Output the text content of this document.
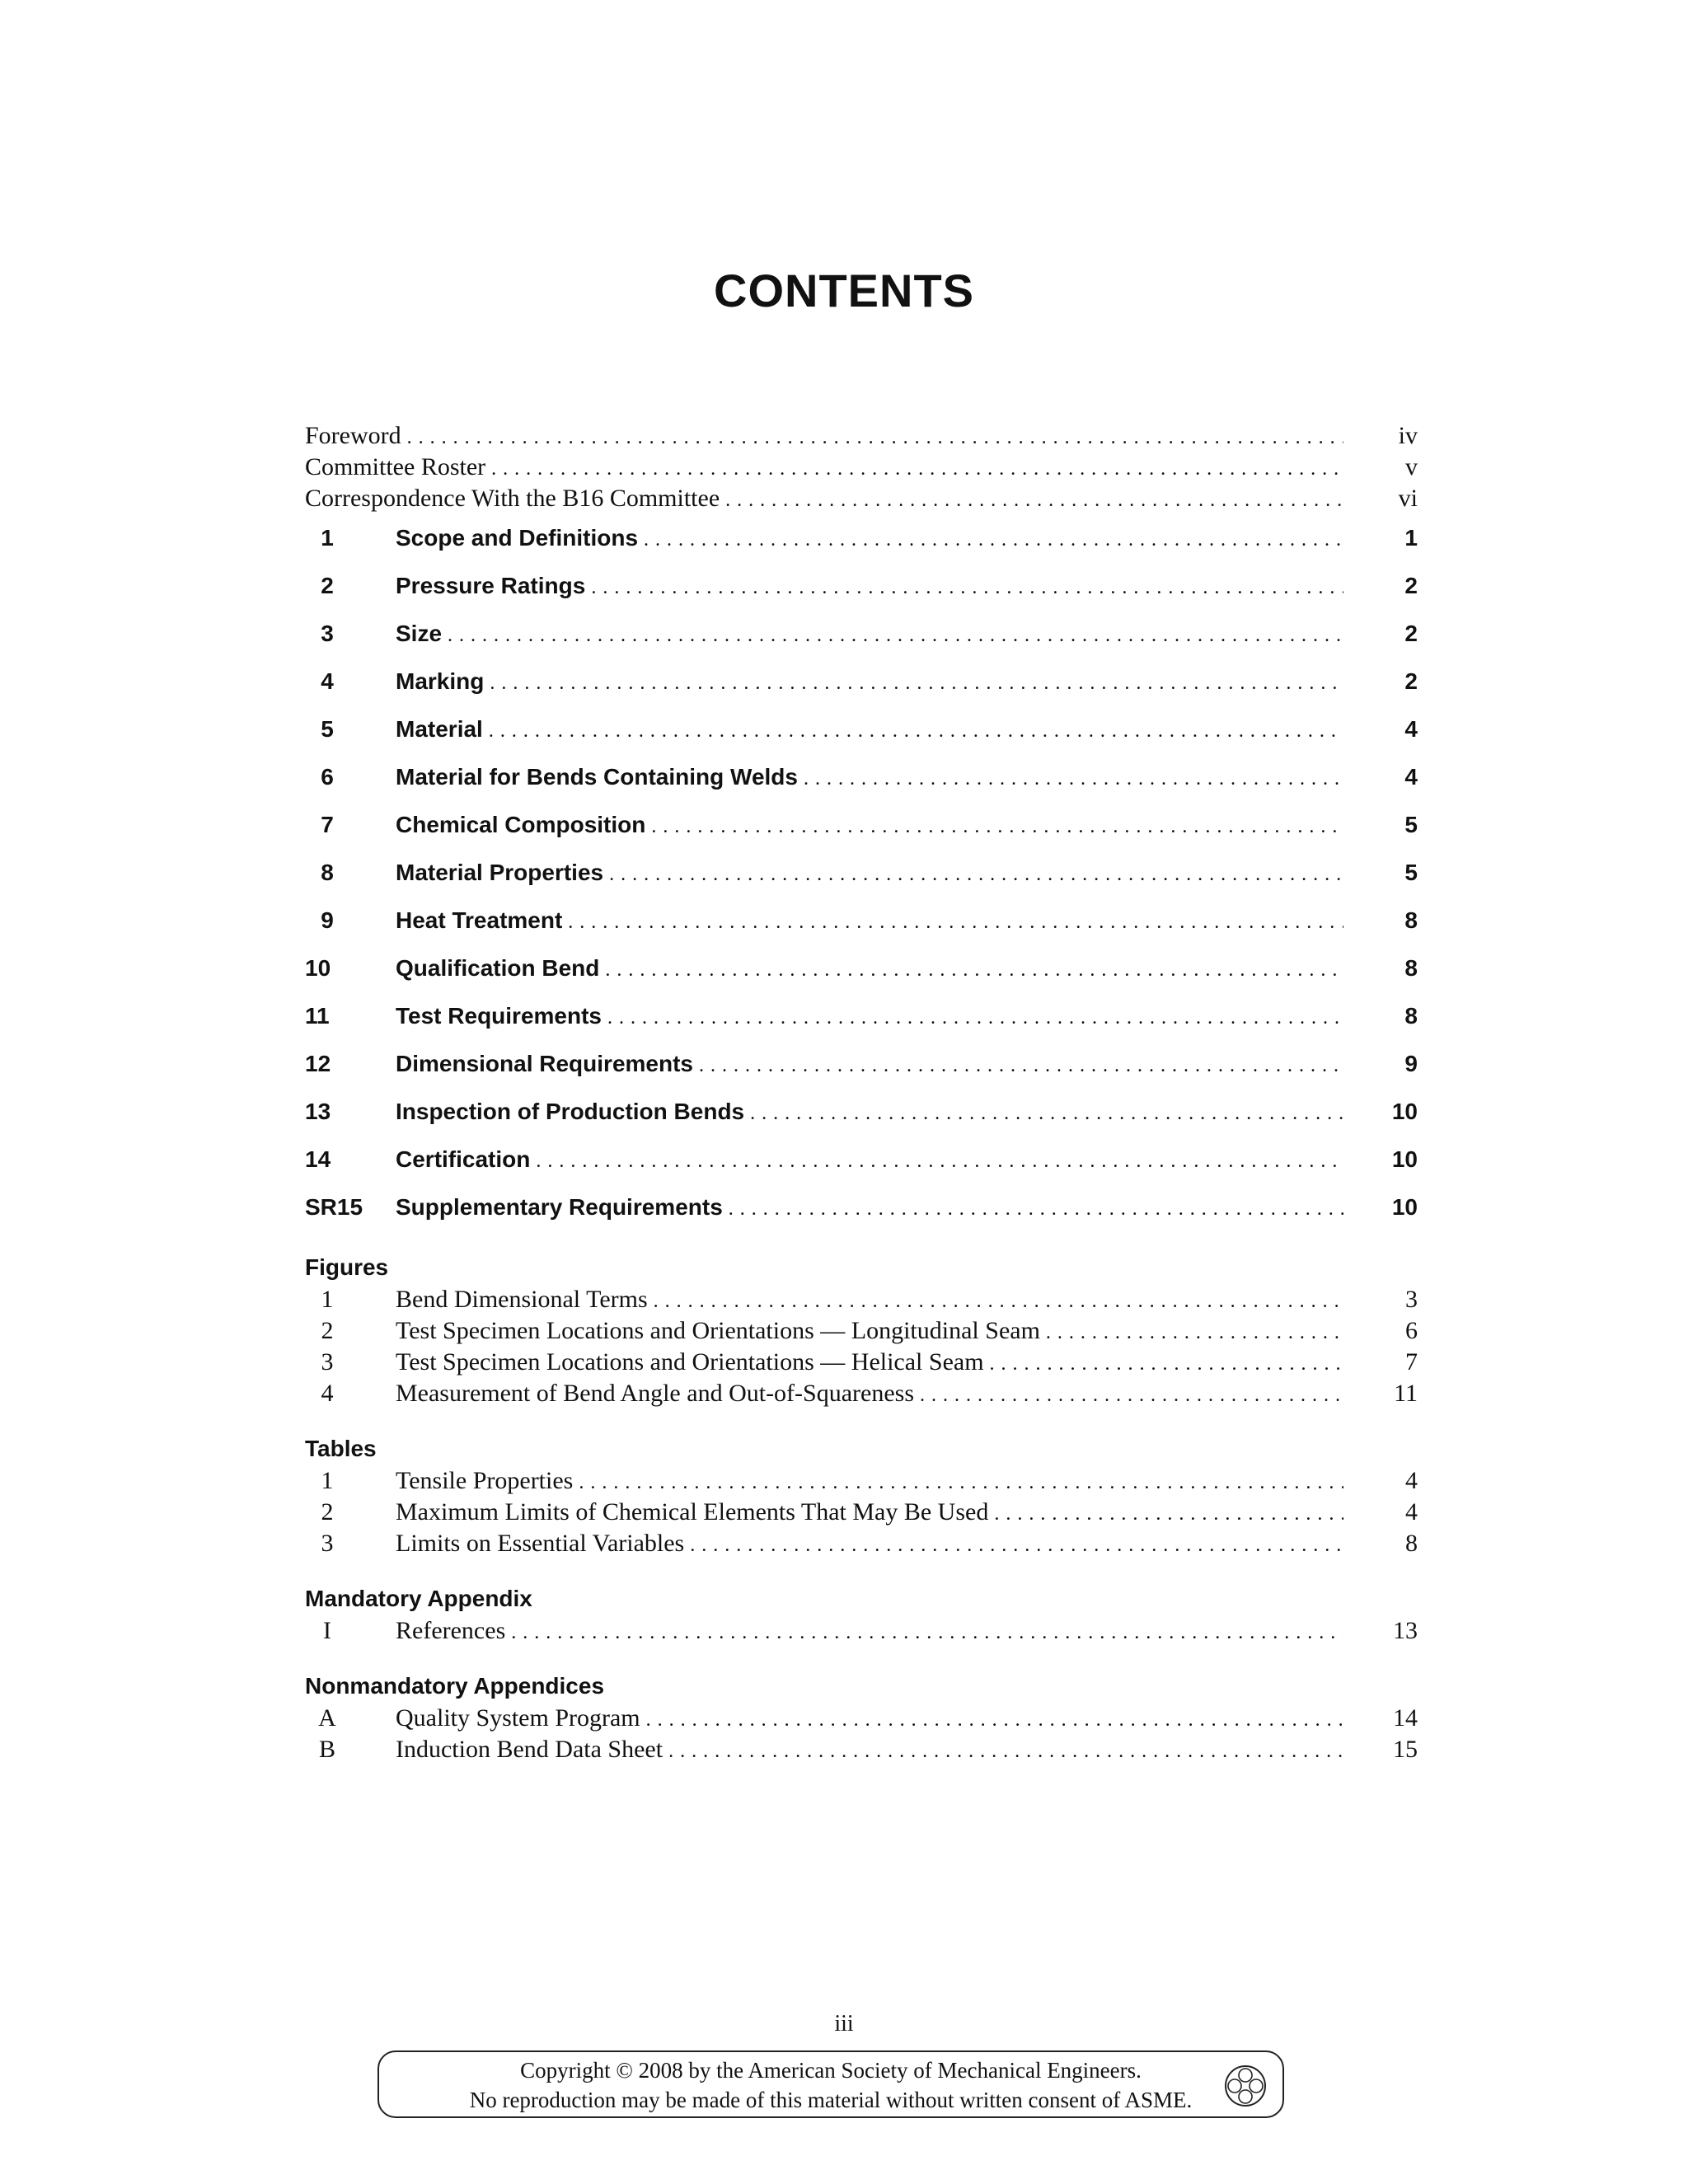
CONTENTS
Foreword . . .	iv
Committee Roster . . .	v
Correspondence With the B16 Committee . . .	vi
1	Scope and Definitions . . .	1
2	Pressure Ratings . . .	2
3	Size . . .	2
4	Marking . . .	2
5	Material . . .	4
6	Material for Bends Containing Welds . . .	4
7	Chemical Composition . . .	5
8	Material Properties . . .	5
9	Heat Treatment . . .	8
10	Qualification Bend . . .	8
11	Test Requirements . . .	8
12	Dimensional Requirements . . .	9
13	Inspection of Production Bends . . .	10
14	Certification . . .	10
SR15	Supplementary Requirements . . .	10
Figures
1	Bend Dimensional Terms . . .	3
2	Test Specimen Locations and Orientations — Longitudinal Seam . . .	6
3	Test Specimen Locations and Orientations — Helical Seam . . .	7
4	Measurement of Bend Angle and Out-of-Squareness . . .	11
Tables
1	Tensile Properties . . .	4
2	Maximum Limits of Chemical Elements That May Be Used . . .	4
3	Limits on Essential Variables . . .	8
Mandatory Appendix
I	References . . .	13
Nonmandatory Appendices
A	Quality System Program . . .	14
B	Induction Bend Data Sheet . . .	15
iii
Copyright © 2008 by the American Society of Mechanical Engineers.
No reproduction may be made of this material without written consent of ASME.
